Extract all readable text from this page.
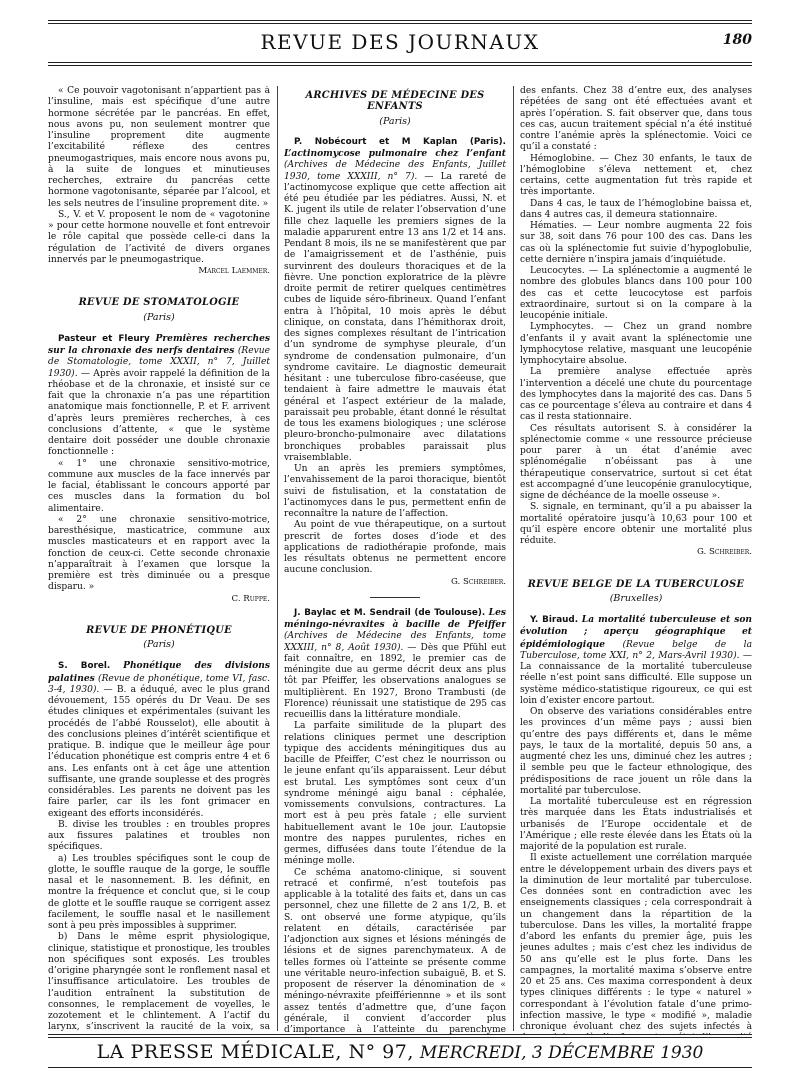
REVUE DES JOURNAUX	180

« Ce pouvoir vagotonisant n’appartient pas à l’insuline, mais est spécifique d’une autre hormone sécrétée par le pancréas. En effet, nous avons pu, non seulement montrer que l’insuline proprement dite augmente l’excitabilité réflexe des centres pneumogastriques, mais encore nous avons pu, à la suite de longues et minutieuses recherches, extraire du pancréas cette hormone vagotonisante, séparée par l’alcool, et les sels neutres de l’insuline proprement dite. »

S., V. et V. proposent le nom de « vagotonine » pour cette hormone nouvelle et font entrevoir le rôle capital que possède celle-ci dans la régulation de l’activité de divers organes innervés par le pneumogastrique.

Marcel Laemmer.
REVUE DE STOMATOLOGIE
(Paris)

Pasteur et Fleury Premières recherches sur la chronaxie des nerfs dentaires (Revue de Stomatologie, tome XXXII, n° 7, Juillet 1930). — Après avoir rappelé la définition de la rhéobase et de la chronaxie, et insisté sur ce fait que la chronaxie n’a pas une répartition anatomique mais fonctionnelle, P. et F. arrivent d’après leurs premières recherches, à ces conclusions d’attente, « que le système dentaire doit posséder une double chronaxie fonctionnelle :

« 1° une chronaxie sensitivo-motrice, commune aux muscles de la face innervés par le facial, établissant le concours apporté par ces muscles dans la formation du bol alimentaire.

« 2° une chronaxie sensitivo-motrice, baresthésique, masticatrice, commune aux muscles masticateurs et en rapport avec la fonction de ceux-ci. Cette seconde chronaxie n’apparaîtrait à l’examen que lorsque la première est très diminuée ou a presque disparu. »

C. Ruppe.
REVUE DE PHONÉTIQUE
(Paris)

S. Borel. Phonétique des divisions palatines (Revue de phonétique, tome VI, fasc. 3-4, 1930). — B. a éduqué, avec le plus grand dévouement, 155 opérés du Dr Veau. De ses études cliniques et expérimentales (suivant les procédés de l’abbé Rousselot), elle aboutit à des conclusions pleines d’intérêt scientifique et pratique. B. indique que le meilleur âge pour l’éducation phonétique est compris entre 4 et 6 ans. Les enfants ont à cet âge une attention suffisante, une grande souplesse et des progrès considérables. Les parents ne doivent pas les faire parler, car ils les font grimacer en exigeant des efforts inconsidérés.

B. divise les troubles : en troubles propres aux fissures palatines et troubles non spécifiques.

a) Les troubles spécifiques sont le coup de glotte, le souffle rauque de la gorge, le souffle nasal et le nasonnement. B. les définit, en montre la fréquence et conclut que, si le coup de glotte et le souffle rauque se corrigent assez facilement, le souffle nasal et le nasillement sont à peu près impossibles à supprimer.

b) Dans le même esprit physiologique, clinique, statistique et pronostique, les troubles non spécifiques sont exposés. Les troubles d’origine pharyngée sont le ronflement nasal et l’insuffisance articulatoire. Les troubles de l’audition entraînent la substitution de consonnes, le remplacement de voyelles, le zozotement et le chlintement. A l’actif du larynx, s’inscrivent la raucité de la voix, sa

ARCHIVES DE MÉDECINE DES ENFANTS
(Paris)

P. Nobécourt et M Kaplan (Paris). L’actinomycose pulmonaire chez l’enfant (Archives de Médecine des Enfants, Juillet 1930, tome XXXIII, n° 7). — La rareté de l’actinomycose explique que cette affection ait été peu étudiée par les pédiatres. Aussi, N. et K. jugent ils utile de relater l’observation d’une fille chez laquelle les premiers signes de la maladie apparurent entre 13 ans 1/2 et 14 ans. Pendant 8 mois, ils ne se manifestèrent que par de l’amaigrissement et de l’asthénie, puis survinrent des douleurs thoraciques et de la fièvre. Une ponction exploratrice de la plèvre droite permit de retirer quelques centimètres cubes de liquide séro-fibrineux. Quand l’enfant entra à l’hôpital, 10 mois après le début clinique, on constata, dans l’hémithorax droit, des signes complexes résultant de l’intrication d’un syndrome de symphyse pleurale, d’un syndrome de condensation pulmonaire, d’un syndrome cavitaire. Le diagnostic demeurait hésitant : une tuberculose fibro-caséeuse, que tendaient à faire admettre le mauvais état général et l’aspect extérieur de la malade, paraissait peu probable, étant donné le résultat de tous les examens biologiques ; une sclérose pleuro-broncho-pulmonaire avec dilatations bronchiques probables paraissait plus vraisemblable.

Un an après les premiers symptômes, l’envahissement de la paroi thoracique, bientôt suivi de fistulisation, et la constatation de l’actinomyces dans le pus, permettent enfin de reconnaître la nature de l’affection.

Au point de vue thérapeutique, on a surtout prescrit de fortes doses d’iode et des applications de radiothérapie profonde, mais les résultats obtenus ne permettent encore aucune conclusion.

G. Schreiber.

J. Baylac et M. Sendrail (de Toulouse). Les méningo-névraxites à bacille de Pfeiffer (Archives de Médecine des Enfants, tome XXXIII, n° 8, Août 1930). — Dès que Pfühl eut fait connaître, en 1892, le premier cas de méningite due au germe décrit deux ans plus tôt par Pfeiffer, les observations analogues se multiplièrent. En 1927, Brono Trambusti (de Florence) réunissait une statistique de 295 cas recueillis dans la littérature mondiale.

La parfaite similitude de la plupart des relations cliniques permet une description typique des accidents méningitiques dus au bacille de Pfeiffer, C’est chez le nourrisson ou le jeune enfant qu’ils apparaissent. Leur début est brutal. Les symptômes sont ceux d’un syndrome méningé aigu banal : céphalée, vomissements convulsions, contractures. La mort est à peu près fatale ; elle survient habituellement avant le 10e jour. L’autopsie montre des nappes purulentes, riches en germes, diffusées dans toute l’étendue de la méninge molle.

Ce schéma anatomo-clinique, si souvent retracé et confirmé, n’est toutefois pas applicable à la totalité des faits et, dans un cas personnel, chez une fillette de 2 ans 1/2, B. et S. ont observé une forme atypique, qu’ils relatent en détails, caractérisée par l’adjonction aux signes et lésions méningés de lésions et de signes parenchymateux. A de telles formes où l’atteinte se présente comme une véritable neuro-infection subaiguë, B. et S. proposent de réserver la dénomination de « méningo-névraxite pfeiffériennne » et ils sont assez tentés d’admettre que, d’une façon générale, il convient d’accorder plus d’importance à l’atteinte du parenchyme

des enfants. Chez 38 d’entre eux, des analyses répétées de sang ont été effectuées avant et après l’opération. S. fait observer que, dans tous ces cas, aucun traitement spécial n’a été institué contre l’anémie après la splénectomie. Voici ce qu’il a constaté :

Hémoglobine. — Chez 30 enfants, le taux de l’hémoglobine s’éleva nettement et, chez certains, cette augmentation fut très rapide et très importante.

Dans 4 cas, le taux de l’hémoglobine baissa et, dans 4 autres cas, il demeura stationnaire.

Hématies. — Leur nombre augmenta 22 fois sur 38, soit dans 76 pour 100 des cas. Dans les cas où la splénectomie fut suivie d’hypoglobulie, cette dernière n’inspira jamais d’inquiétude.

Leucocytes. — La splénectomie a augmenté le nombre des globules blancs dans 100 pour 100 des cas et cette leucocytose est parfois extraordinaire, surtout si on la compare à la leucopénie initiale.

Lymphocytes. — Chez un grand nombre d’enfants il y avait avant la splénectomie une lymphocytose relative, masquant une leucopénie lymphocytaire absolue.

La première analyse effectuée après l’intervention a décelé une chute du pourcentage des lymphocytes dans la majorité des cas. Dans 5 cas ce pourcentage s’éleva au contraire et dans 4 cas il resta stationnaire.

Ces résultats autorisent S. à considérer la splénectomie comme « une ressource précieuse pour parer à un état d’anémie avec splénomégalie n’obéissant pas à une thérapeutique conservatrice, surtout si cet état est accompagné d’une leucopénie granulocytique, signe de déchéance de la moelle osseuse ».

S. signale, en terminant, qu’il a pu abaisser la mortalité opératoire jusqu’à 10,63 pour 100 et qu’il espère encore obtenir une mortalité plus réduite.

G. Schreiber.
REVUE BELGE DE LA TUBERCULOSE
(Bruxelles)

Y. Biraud. La mortalité tuberculeuse et son évolution ; aperçu géographique et épidémiologique (Revue belge de la Tuberculose, tome XXI, n° 2, Mars-Avril 1930). — La connaissance de la mortalité tuberculeuse réelle n’est point sans difficulté. Elle suppose un système médico-statistique rigoureux, ce qui est loin d’exister encore partout.

On observe des variations considérables entre les provinces d’un même pays ; aussi bien qu’entre des pays différents et, dans le même pays, le taux de la mortalité, depuis 50 ans, a augmenté chez les uns, diminué chez les autres ; il semble peu que le facteur ethnologique, des prédispositions de race jouent un rôle dans la mortalité par tuberculose.

La mortalité tuberculeuse est en régression très marquée dans les États industrialisés et urbanisés de l’Europe occidentale et de l’Amérique ; elle reste élevée dans les États où la majorité de la population est rurale.

Il existe actuellement une corrélation marquée entre le développement urbain des divers pays et la diminution de leur mortalité par tuberculose. Ces données sont en contradiction avec les enseignements classiques ; cela correspondrait à un changement dans la répartition de la tuberculose. Dans les villes, la mortalité frappe d’abord les enfants du premier âge, puis les jeunes adultes ; mais c’est chez les individus de 50 ans qu’elle est le plus forte. Dans les campagnes, la mortalité maxima s’observe entre 20 et 25 ans. Ces maxima correspondent à deux types cliniques différents : le type « naturel » correspondant à l’évolution fatale d’une primo-infection massive, le type « modifié », maladie chronique évoluant chez des sujets infectés à

LA PRESSE MÉDICALE, N° 97, MERCREDI, 3 DÉCEMBRE 1930
